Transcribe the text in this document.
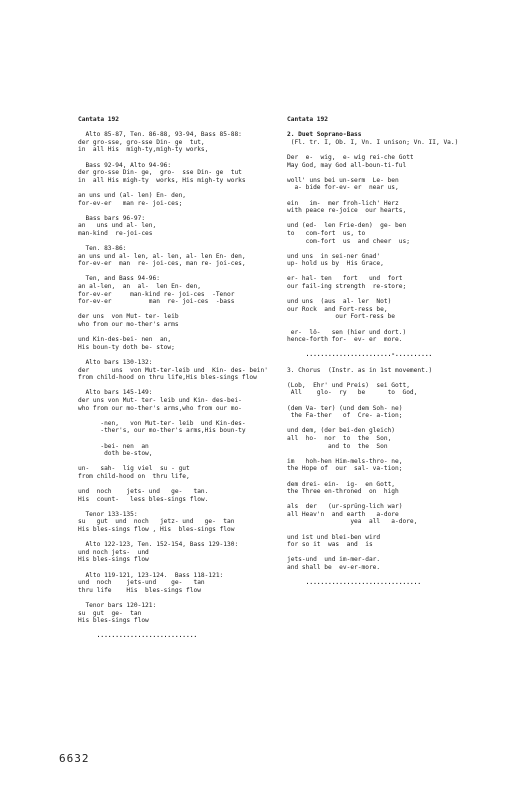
Cantata 192
Alto 85-87, Ten. 86-88, 93-94, Bass 85-88:
der gro-sse, gro-sse Din- ge  tut,
in  all His  migh-ty,migh-ty works,
Bass 92-94, Alto 94-96:
der gro-sse Din- ge,  gro-  sse Din- ge  tut
in  all His migh-ty  works, His migh-ty works
an uns und (al- len) En- den,
for-ev-er   man re- joi-ces;
Bass bars 96-97:
an   uns und al- len,
man-kind  re-joi-ces
Ten. 83-86:
an uns und al- len, al- len, al- len En- den,
for-ev-er  man  re- joi-ces, man re- joi-ces,
Ten, and Bass 94-96:
an al-len,  an  al-  len En- den,
for-ev-er     man-kind re- joi-ces  -Tenor
for-ev-er          man  re- joi-ces  -bass
der uns  von Mut- ter- leib
who from our mo-ther's arms
und Kin-des-bei- nen  an,
His boun-ty doth be- stow;
Alto bars 130-132:
der      uns  von Mut-ter-leib und  Kin- des- bein'
from child-hood on thru life,His bles-sings flow
Alto bars 145-149:
der uns von Mut- ter- leib und Kin- des-bei-
who from our mo-ther's arms,who from our mo-
-nen,   von Mut-ter- leib  und Kin-des-
-ther's, our mo-ther's arms,His boun-ty
-bei- nen  an
doth be-stow,
un-   sah-  lig viel  su - gut
from child-hood on  thru life,
und  noch    jets- und   ge-   tan.
His  count-   less bles-sings flow.
Tenor 133-135:
su   gut  und  noch   jetz- und   ge-  tan
His bles-sings flow , His  bles-sings flow
Alto 122-123, Ten. 152-154, Bass 129-130:
und noch jets-  und
His bles-sings flow
Alto 119-121, 123-124.  Bass 118-121:
und  noch    jets-und    ge-   tan
thru life    His  bles-sings flow
Tenor bars 120-121:
su  gut  ge-  tan
His bles-sings flow
...........................
Cantata 192
2. Duet Soprano-Bass
(Fl. tr. I, Ob. I, Vn. I unison; Vn. II, Va.)
Der  e-  wig,  e- wig rei-che Gott
May God, may God all-boun-ti-ful
woll' uns bei un-serm  Le- ben
a- bide for-ev- er  near us,
ein   im-  mer froh-lich' Herz
with peace re-joice  our hearts,
und (ed-  len Frie-den)  ge- ben
to   com-fort  us, to
com-fort  us  and cheer  us;
und uns  in sei-ner Gnad'
up- hold us by  His Grace,
er- hal- ten   fort   und  fort
our fail-ing strength  re-store;
und uns  (aus  al- ler  Not)
our Rock  and Fort-ress be,
our Fort-ress be
er-  lö-   sen (hier und dort.)
hence-forth for-  ev- er  more.
.......................-..........
3. Chorus  (Instr. as in 1st movement.)
(Lob,  Ehr' und Preis)  sei Gott,
All    glo-  ry   be      to  God,
(dem Va- ter) (und dem Soh- ne)
the Fa-ther   of  Cre- a-tion;
und dem, (der bei-den gleich)
all  ho-  nor  to  the  Son,
and to  the  Son
im   hoh-hen Him-mels-thro- ne,
the Hope of  our  sal- va-tion;
dem drei- ein-  ig-  en Gott,
the Three en-throned  on  high
als  der   (ur-sprüng-lich war)
all Heav'n  and earth   a-dore
yea  all   a-dore,
und ist und blei-ben wird
for so it  was  and  is
jets-und  und im-mer-dar.
and shall be  ev-er-more.
...............................
6632
